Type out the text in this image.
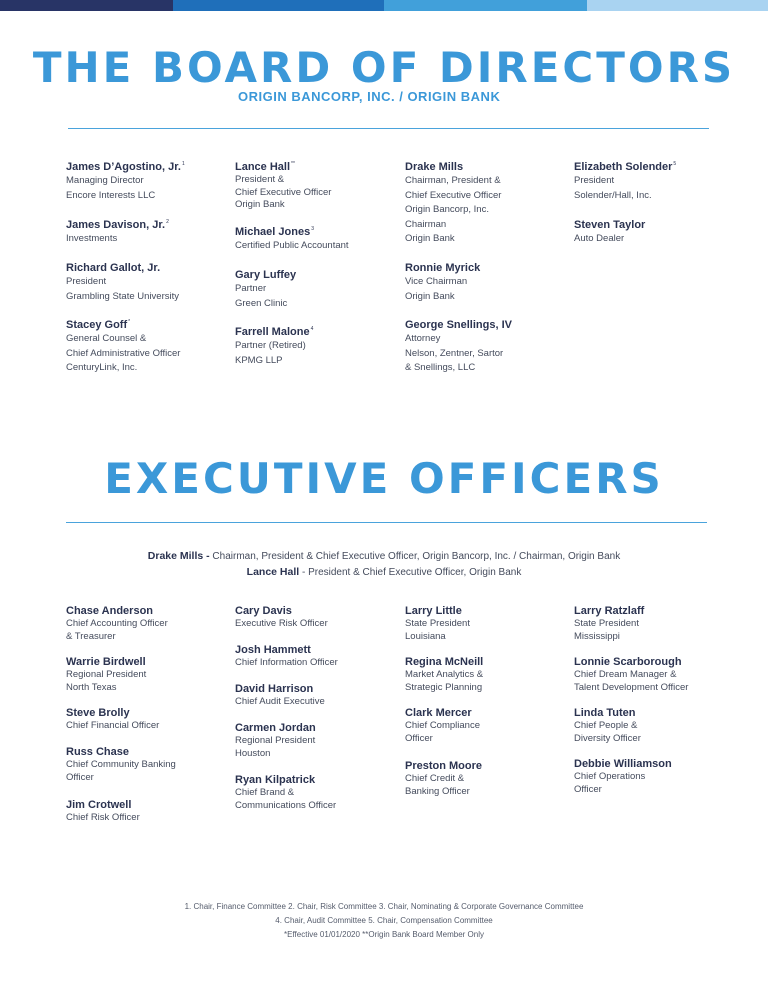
THE BOARD OF DIRECTORS
ORIGIN BANCORP, INC. / ORIGIN BANK
James D’Agostino, Jr.$^1$
Managing Director
Encore Interests LLC
James Davison, Jr.$^2$
Investments
Richard Gallot, Jr.
President
Grambling State University
Stacey Goff*
General Counsel &
Chief Administrative Officer
CenturyLink, Inc.
Lance Hall**
President &
Chief Executive Officer
Origin Bank
Michael Jones$^3$
Certified Public Accountant
Gary Luffey
Partner
Green Clinic
Farrell Malone$^4$
Partner (Retired)
KPMG LLP
Drake Mills
Chairman, President &
Chief Executive Officer
Origin Bancorp, Inc.
Chairman
Origin Bank
Ronnie Myrick
Vice Chairman
Origin Bank
George Snellings, IV
Attorney
Nelson, Zentner, Sartor
& Snellings, LLC
Elizabeth Solender$^5$
President
Solender/Hall, Inc.
Steven Taylor
Auto Dealer
EXECUTIVE OFFICERS
Drake Mills - Chairman, President & Chief Executive Officer, Origin Bancorp, Inc. / Chairman, Origin Bank
Lance Hall - President & Chief Executive Officer, Origin Bank
Chase Anderson
Chief Accounting Officer
& Treasurer
Warrie Birdwell
Regional President
North Texas
Steve Brolly
Chief Financial Officer
Russ Chase
Chief Community Banking
Officer
Jim Crotwell
Chief Risk Officer
Cary Davis
Executive Risk Officer
Josh Hammett
Chief Information Officer
David Harrison
Chief Audit Executive
Carmen Jordan
Regional President
Houston
Ryan Kilpatrick
Chief Brand &
Communications Officer
Larry Little
State President
Louisiana
Regina McNeill
Market Analytics &
Strategic Planning
Clark Mercer
Chief Compliance
Officer
Preston Moore
Chief Credit &
Banking Officer
Larry Ratzlaff
State President
Mississippi
Lonnie Scarborough
Chief Dream Manager &
Talent Development Officer
Linda Tuten
Chief People &
Diversity Officer
Debbie Williamson
Chief Operations
Officer
1. Chair, Finance Committee 2. Chair, Risk Committee 3. Chair, Nominating & Corporate Governance Committee
4. Chair, Audit Committee 5. Chair, Compensation Committee
*Effective 01/01/2020 **Origin Bank Board Member Only
